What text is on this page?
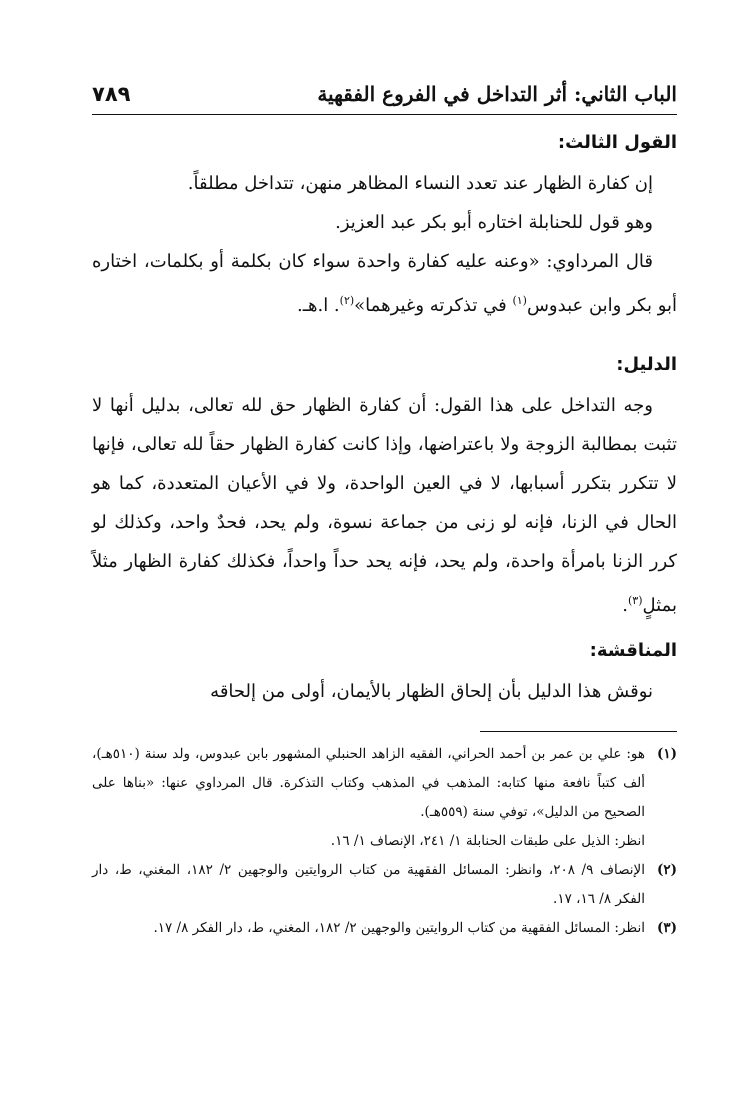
الباب الثاني: أثر التداخل في الفروع الفقهية
٧٨٩
القول الثالث:

إن كفارة الظهار عند تعدد النساء المظاهر منهن، تتداخل مطلقاً.

وهو قول للحنابلة اختاره أبو بكر عبد العزيز.

قال المرداوي: «وعنه عليه كفارة واحدة سواء كان بكلمة أو بكلمات، اختاره أبو بكر وابن عبدوس$^{(١)}$ في تذكرته وغيرهما»$^{(٢)}$. ا.هـ.

الدليل:

وجه التداخل على هذا القول: أن كفارة الظهار حق لله تعالى، بدليل أنها لا تثبت بمطالبة الزوجة ولا باعتراضها، وإذا كانت كفارة الظهار حقاً لله تعالى، فإنها لا تتكرر بتكرر أسبابها، لا في العين الواحدة، ولا في الأعيان المتعددة، كما هو الحال في الزنا، فإنه لو زنى من جماعة نسوة، ولم يحد، فحدٌ واحد، وكذلك لو كرر الزنا بامرأة واحدة، ولم يحد، فإنه يحد حداً واحداً، فكذلك كفارة الظهار مثلاً بمثلٍ$^{(٣)}$.

المناقشة:

نوقش هذا الدليل بأن إلحاق الظهار بالأيمان، أولى من إلحاقه

(١)
هو: علي بن عمر بن أحمد الحراني، الفقيه الزاهد الحنبلي المشهور بابن عبدوس، ولد سنة (٥١٠هـ)، ألف كتباً نافعة منها كتابه: المذهب في المذهب وكتاب التذكرة. قال المرداوي عنها: «بناها على الصحيح من الدليل»، توفي سنة (٥٥٩هـ).
انظر: الذيل على طبقات الحنابلة ١/ ٢٤١، الإنصاف ١/ ١٦.
(٢)
الإنصاف ٩/ ٢٠٨، وانظر: المسائل الفقهية من كتاب الروايتين والوجهين ٢/ ١٨٢، المغني، ط، دار الفكر ٨/ ١٦، ١٧.
(٣)
انظر: المسائل الفقهية من كتاب الروايتين والوجهين ٢/ ١٨٢، المغني، ط، دار الفكر ٨/ ١٧.
